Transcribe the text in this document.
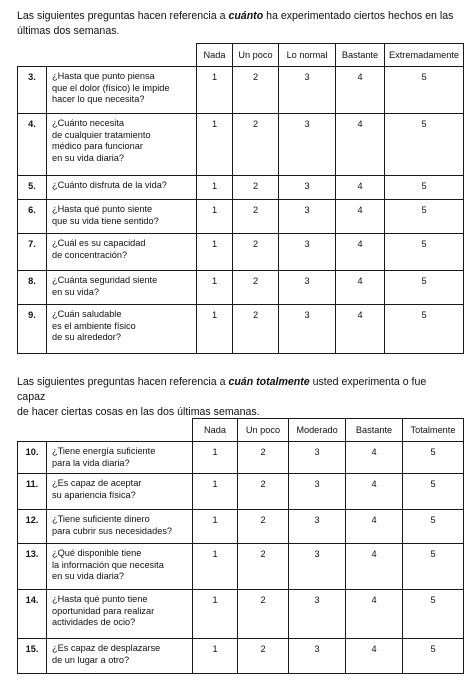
Las siguientes preguntas hacen referencia a cuánto ha experimentado ciertos hechos en las
últimas dos semanas.
		Nada	Un poco	Lo normal	Bastante	Extremadamente
3.	¿Hasta que punto piensa
que el dolor (físico) le impide
hacer lo que necesita?	1	2	3	4	5
4.	¿Cuánto necesita
de cualquier tratamiento
médico para funcionar
en su vida diaria?	1	2	3	4	5
5.	¿Cuánto disfruta de la vida?	1	2	3	4	5
6.	¿Hasta qué punto siente
que su vida tiene sentido?	1	2	3	4	5
7.	¿Cuál es su capacidad
de concentración?	1	2	3	4	5
8.	¿Cuánta seguridad siente
en su vida?	1	2	3	4	5
9.	¿Cuán saludable
es el ambiente físico
de su alrededor?	1	2	3	4	5
Las siguientes preguntas hacen referencia a cuán totalmente usted experimenta o fue capaz
de hacer ciertas cosas en las dos últimas semanas.
		Nada	Un poco	Moderado	Bastante	Totalmente
10.	¿Tiene energía suficiente
para la vida diaria?	1	2	3	4	5
11.	¿Es capaz de aceptar
su apariencia física?	1	2	3	4	5
12.	¿Tiene suficiente dinero
para cubrir sus necesidades?	1	2	3	4	5
13.	¿Qué disponible tiene
la información que necesita
en su vida diaria?	1	2	3	4	5
14.	¿Hasta qué punto tiene
oportunidad para realizar
actividades de ocio?	1	2	3	4	5
15.	¿Es capaz de desplazarse
de un lugar a otro?	1	2	3	4	5
